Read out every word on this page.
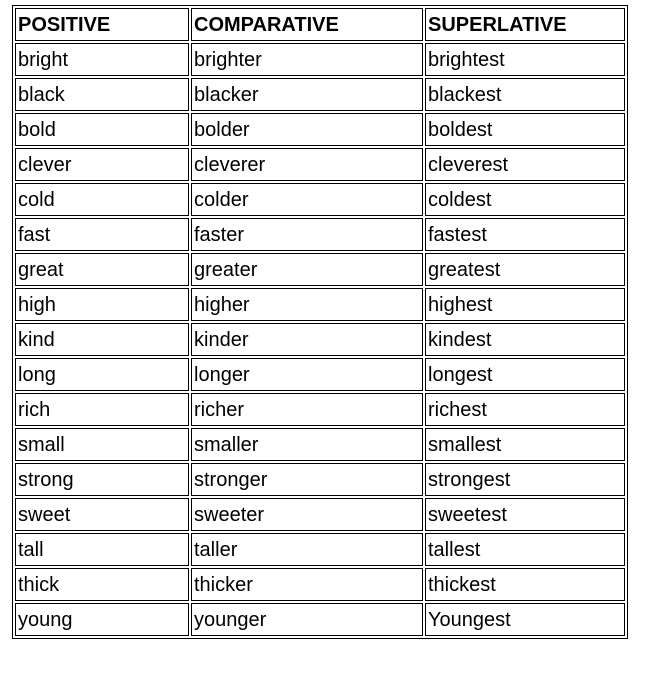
POSITIVE	COMPARATIVE	SUPERLATIVE
bright	brighter	brightest
black	blacker	blackest
bold	bolder	boldest
clever	cleverer	cleverest
cold	colder	coldest
fast	faster	fastest
great	greater	greatest
high	higher	highest
kind	kinder	kindest
long	longer	longest
rich	richer	richest
small	smaller	smallest
strong	stronger	strongest
sweet	sweeter	sweetest
tall	taller	tallest
thick	thicker	thickest
young	younger	Youngest
